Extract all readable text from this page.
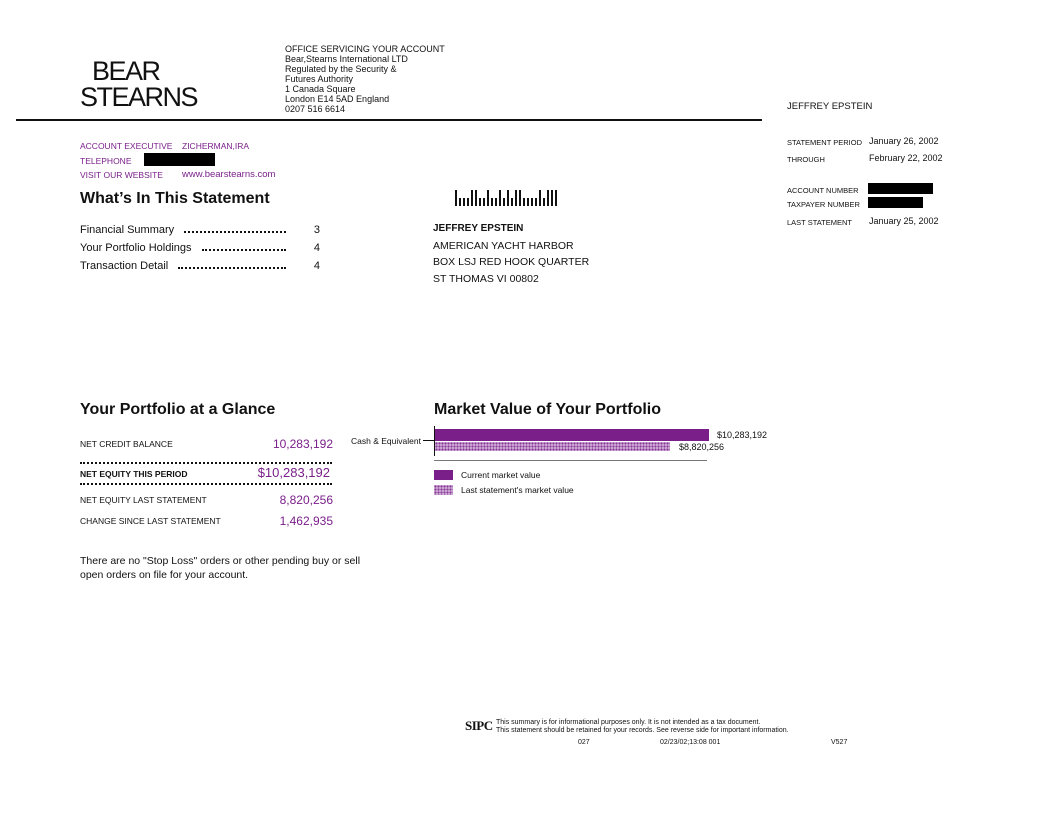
BEAR
STEARNS
OFFICE SERVICING YOUR ACCOUNT
Bear,Stearns International LTD
Regulated by the Security &
Futures Authority
1 Canada Square
London E14 5AD England
0207 516 6614	JEFFREY EPSTEIN
ACCOUNT EXECUTIVE ZICHERMAN,IRA
TELEPHONE
VISIT OUR WEBSITE www.bearstearns.com
STATEMENT PERIOD January 26, 2002
THROUGH	February 22, 2002
ACCOUNT NUMBER
TAXPAYER NUMBER
LAST STATEMENT January 25, 2002
What’s In This Statement
Financial Summary	3
Your Portfolio Holdings	4
Transaction Detail	4
JEFFREY EPSTEIN
AMERICAN YACHT HARBOR
BOX LSJ RED HOOK QUARTER
ST THOMAS VI 00802
Your Portfolio at a Glance
NET CREDIT BALANCE	10,283,192
NET EQUITY THIS PERIOD	$10,283,192
NET EQUITY LAST STATEMENT	8,820,256
CHANGE SINCE LAST STATEMENT	1,462,935
There are no "Stop Loss" orders or other pending buy or sell open orders on file for your account.
Market Value of Your Portfolio
Cash & Equivalent
$10,283,192
$8,820,256
Current market value
Last statement's market value
SIPC This summary is for informational purposes only. It is not intended as a tax document.
This statement should be retained for your records. See reverse side for important information.
027	02/23/02;13:08 001	V527
